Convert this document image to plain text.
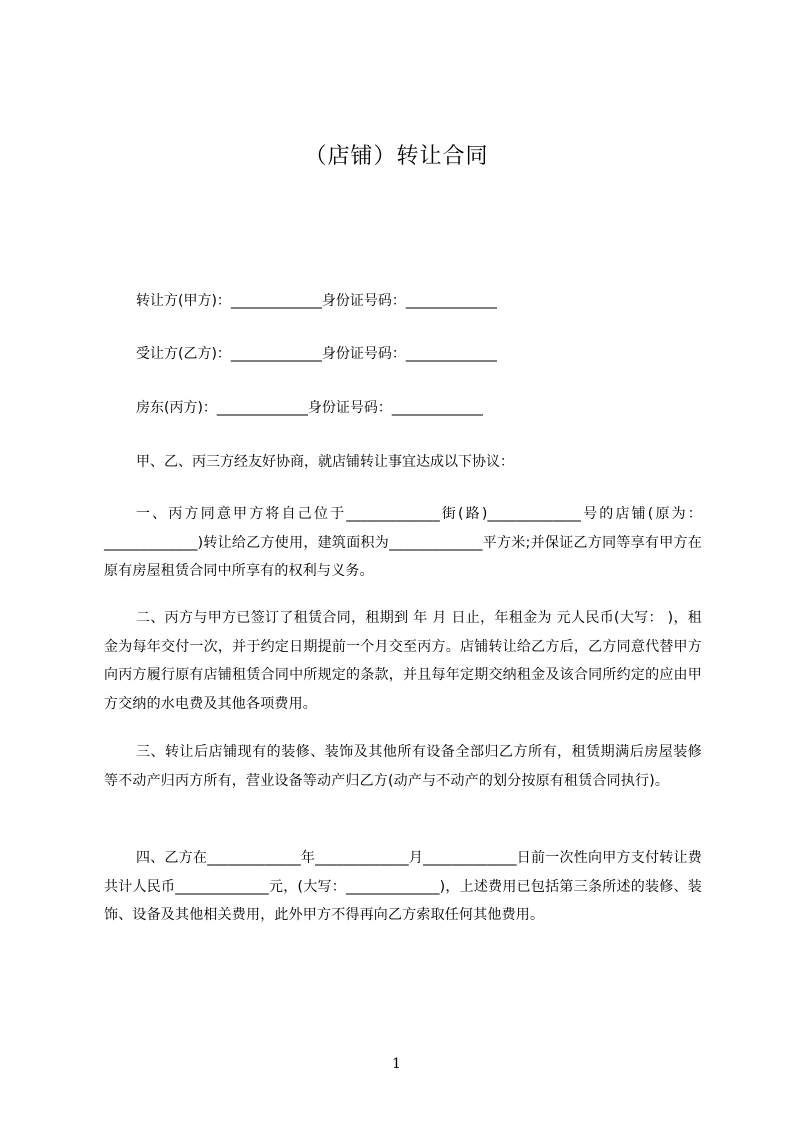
（店铺）转让合同
转让方(甲方)：_____________身份证号码：_____________
受让方(乙方)：_____________身份证号码：_____________
房东(丙方)：_____________身份证号码：_____________
甲、乙、丙三方经友好协商，就店铺转让事宜达成以下协议：
一、丙方同意甲方将自己位于_____________街(路)_____________号的店铺(原为：_____________)转让给乙方使用，建筑面积为_____________平方米;并保证乙方同等享有甲方在原有房屋租赁合同中所享有的权利与义务。
二、丙方与甲方已签订了租赁合同，租期到 年 月 日止，年租金为 元人民币(大写： )，租金为每年交付一次，并于约定日期提前一个月交至丙方。店铺转让给乙方后，乙方同意代替甲方向丙方履行原有店铺租赁合同中所规定的条款，并且每年定期交纳租金及该合同所约定的应由甲方交纳的水电费及其他各项费用。
三、转让后店铺现有的装修、装饰及其他所有设备全部归乙方所有，租赁期满后房屋装修等不动产归丙方所有，营业设备等动产归乙方(动产与不动产的划分按原有租赁合同执行)。
四、乙方在_____________年_____________月_____________日前一次性向甲方支付转让费共计人民币_____________元，(大写：_____________)，上述费用已包括第三条所述的装修、装饰、设备及其他相关费用，此外甲方不得再向乙方索取任何其他费用。
1
